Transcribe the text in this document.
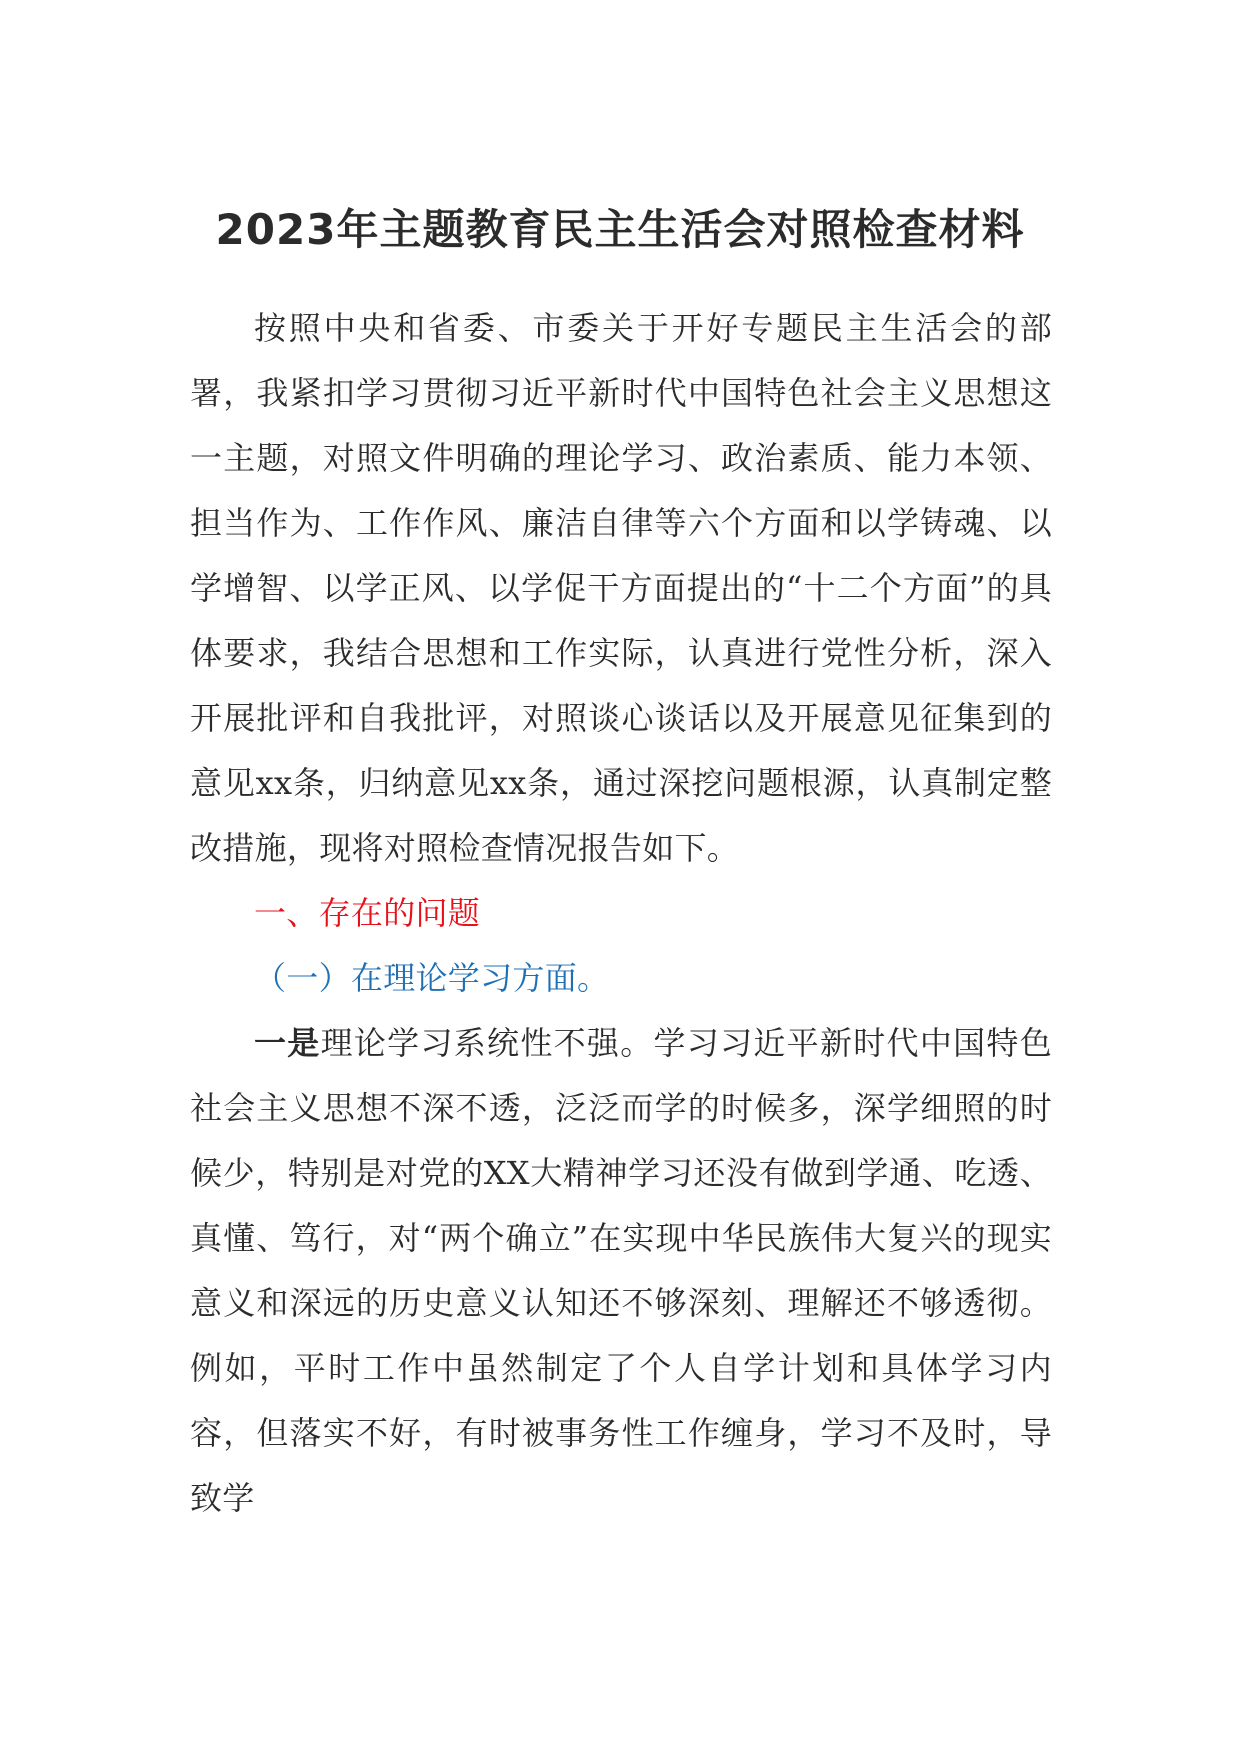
2023年主题教育民主生活会对照检查材料

按照中央和省委、市委关于开好专题民主生活会的部署，我紧扣学习贯彻习近平新时代中国特色社会主义思想这一主题，对照文件明确的理论学习、政治素质、能力本领、担当作为、工作作风、廉洁自律等六个方面和以学铸魂、以学增智、以学正风、以学促干方面提出的“十二个方面”的具体要求，我结合思想和工作实际，认真进行党性分析，深入开展批评和自我批评，对照谈心谈话以及开展意见征集到的意见xx条，归纳意见xx条，通过深挖问题根源，认真制定整改措施，现将对照检查情况报告如下。

一、存在的问题

（一）在理论学习方面。

一是理论学习系统性不强。学习习近平新时代中国特色社会主义思想不深不透，泛泛而学的时候多，深学细照的时候少，特别是对党的XX大精神学习还没有做到学通、吃透、真懂、笃行，对“两个确立”在实现中华民族伟大复兴的现实意义和深远的历史意义认知还不够深刻、理解还不够透彻。例如，平时工作中虽然制定了个人自学计划和具体学习内容，但落实不好，有时被事务性工作缠身，学习不及时，导致学
